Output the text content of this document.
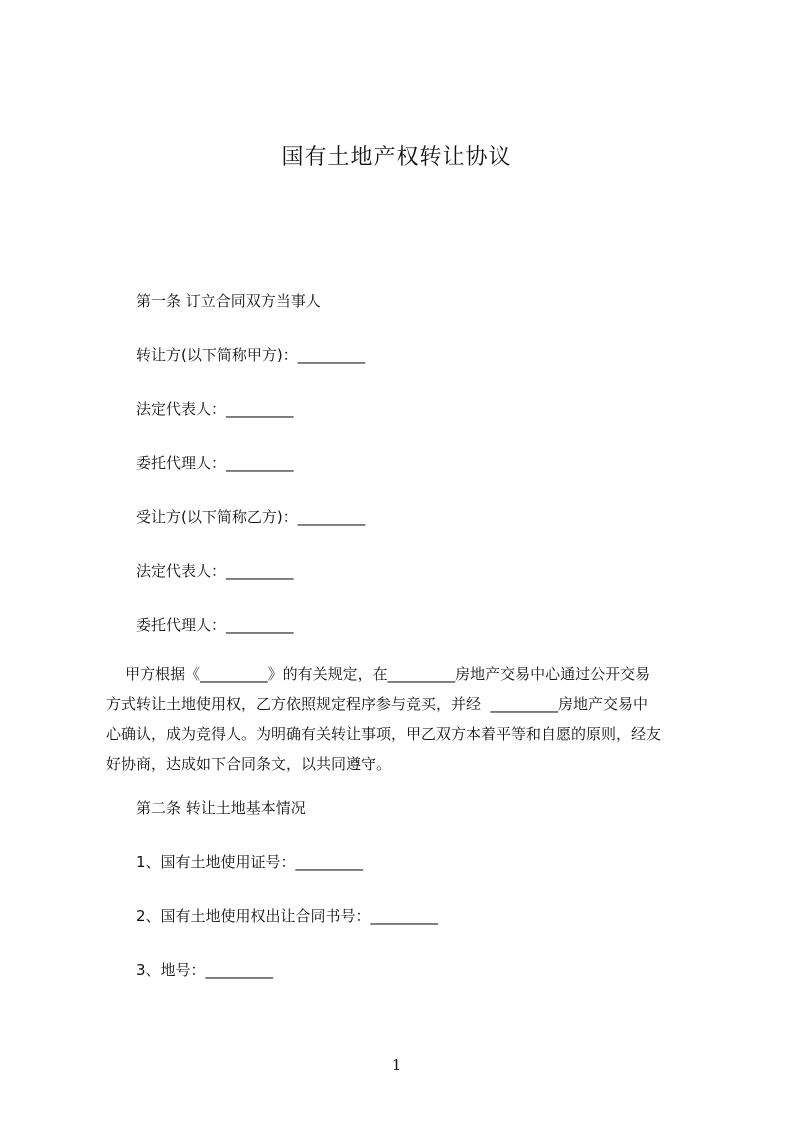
国有土地产权转让协议
第一条 订立合同双方当事人
转让方(以下简称甲方)：_________
法定代表人：_________
委托代理人：_________
受让方(以下简称乙方)：_________
法定代表人：_________
委托代理人：_________
甲方根据《_________》的有关规定，在_________房地产交易中心通过公开交易
方式转让土地使用权，乙方依照规定程序参与竞买，并经  _________房地产交易中
心确认，成为竞得人。为明确有关转让事项，甲乙双方本着平等和自愿的原则，经友
好协商，达成如下合同条文，以共同遵守。
第二条 转让土地基本情况
1、国有土地使用证号：_________
2、国有土地使用权出让合同书号：_________
3、地号：_________
1
